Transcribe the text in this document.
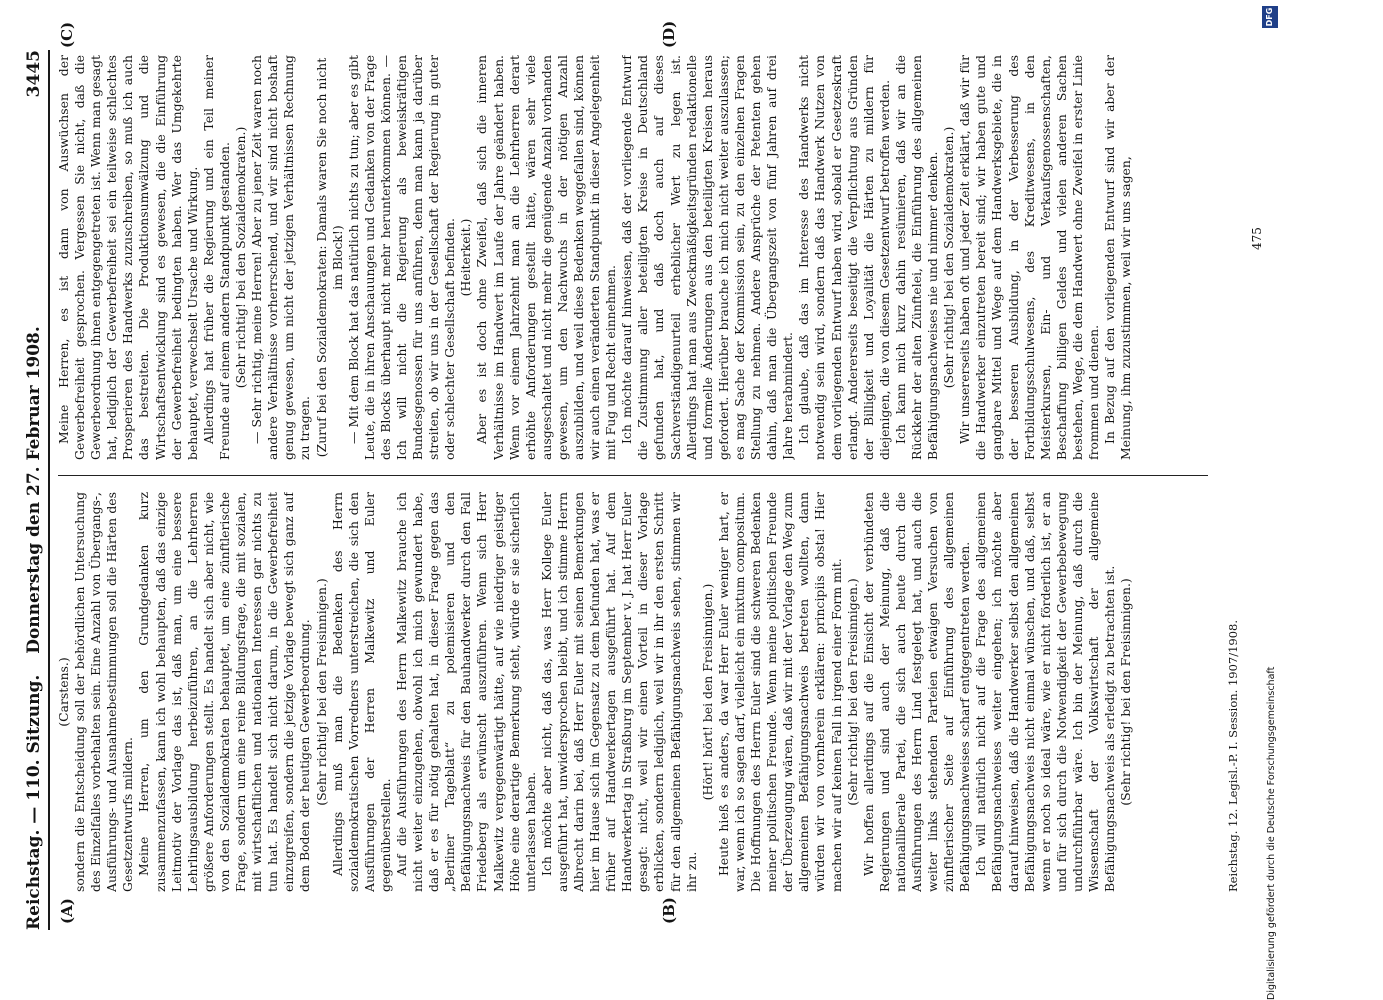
Reichstag. — 110. Sitzung.
Donnerstag den 27. Februar 1908.
3445
(A)	(B)
(C)	(D)

(Carstens.) sondern die Entscheidung soll der behördlichen Untersuchung des Einzelfalles vorbehalten sein. Eine Anzahl von Übergangs-, Ausführungs- und Ausnahmebestimmungen soll die Härten des Gesetzentwurfs mildern. Meine Herren, um den Grundgedanken kurz zusammenzufassen, kann ich wohl behaupten, daß das einzige Leitmotiv der Vorlage das ist, daß man, um eine bessere Lehrlingsausbildung herbeizuführen, an die Lehrherren größere Anforderungen stellt. Es handelt sich aber nicht, wie von den Sozialdemokraten behauptet, um eine zünftlerische Frage, sondern um eine reine Bildungsfrage, die mit sozialen, mit wirtschaftlichen und nationalen Interessen gar nichts zu tun hat. Es handelt sich nicht darum, in die Gewerbefreiheit einzugreifen, sondern die jetzige Vorlage bewegt sich ganz auf dem Boden der heutigen Gewerbeordnung. (Sehr richtig! bei den Freisinnigen.) Allerdings muß man die Bedenken des Herrn sozialdemokratischen Vorredners unterstreichen, die sich den Ausführungen der Herren Malkewitz und Euler gegenüberstellen. Auf die Ausführungen des Herrn Malkewitz brauche ich nicht weiter einzugehen, obwohl ich mich gewundert habe, daß er es für nötig gehalten hat, in dieser Frage gegen das „Berliner Tageblatt“ zu polemisieren und den Befähigungsnachweis für den Bauhandwerker durch den Fall Friedeberg als erwünscht auszuführen. Wenn sich Herr Malkewitz vergegenwärtigt hätte, auf wie niedriger geistiger Höhe eine derartige Bemerkung steht, würde er sie sicherlich unterlassen haben. Ich möchte aber nicht, daß das, was Herr Kollege Euler ausgeführt hat, unwidersprochen bleibt, und ich stimme Herrn Albrecht darin bei, daß Herr Euler mit seinen Bemerkungen hier im Hause sich im Gegensatz zu dem befunden hat, was er früher auf Handwerkertagen ausgeführt hat. Auf dem Handwerkertag in Straßburg im September v. J. hat Herr Euler gesagt: nicht, weil wir einen Vorteil in dieser Vorlage erblicken, sondern lediglich, weil wir in ihr den ersten Schritt für den allgemeinen Befähigungsnachweis sehen, stimmen wir ihr zu.

(Hört! hört! bei den Freisinnigen.) Heute hieß es anders, da war Herr Euler weniger hart, er war, wenn ich so sagen darf, vielleicht ein mixtum compositum. Die Hoffnungen des Herrn Euler sind die schweren Bedenken meiner politischen Freunde. Wenn meine politischen Freunde der Überzeugung wären, daß wir mit der Vorlage den Weg zum allgemeinen Befähigungsnachweis betreten wollten, dann würden wir von vornherein erklären: principiis obsta! Hier machen wir auf keinen Fall in irgend einer Form mit. (Sehr richtig! bei den Freisinnigen.) Wir hoffen allerdings auf die Einsicht der verbündeten Regierungen und sind auch der Meinung, daß die nationalliberale Partei, die sich auch heute durch die Ausführungen des Herrn Lind festgelegt hat, und auch die weiter links stehenden Parteien etwaigen Versuchen von zünftlerischer Seite auf Einführung des allgemeinen Befähigungsnachweises scharf entgegentreten werden. Ich will natürlich nicht auf die Frage des allgemeinen Befähigungsnachweises weiter eingehen; ich möchte aber darauf hinweisen, daß die Handwerker selbst den allgemeinen Befähigungsnachweis nicht einmal wünschen, und daß, selbst wenn er noch so ideal wäre, wie er nicht förderlich ist, er an und für sich durch die Notwendigkeit der Gewerbebewegung undurchführbar wäre. Ich bin der Meinung, daß durch die Wissenschaft der Volkswirtschaft der allgemeine Befähigungsnachweis als erledigt zu betrachten ist. (Sehr richtig! bei den Freisinnigen.)

Meine Herren, es ist dann von Auswüchsen der Gewerbefreiheit gesprochen. Vergessen Sie nicht, daß die Gewerbeordnung ihnen entgegengetreten ist. Wenn man gesagt hat, lediglich der Gewerbefreiheit sei ein teilweise schlechtes Prosperieren des Handwerks zuzuschreiben, so muß ich auch das bestreiten. Die Produktionsumwälzung und die Wirtschaftsentwicklung sind es gewesen, die die Einführung der Gewerbefreiheit bedingten haben. Wer das Umgekehrte behauptet, verwechselt Ursache und Wirkung. Allerdings hat früher die Regierung und ein Teil meiner Freunde auf einem andern Standpunkt gestanden. (Sehr richtig! bei den Sozialdemokraten.) — Sehr richtig, meine Herren! Aber zu jener Zeit waren noch andere Verhältnisse vorherrschend, und wir sind nicht boshaft genug gewesen, um nicht der jetzigen Verhältnissen Rechnung zu tragen. (Zuruf bei den Sozialdemokraten: Damals waren Sie noch nicht im Block!) — Mit dem Block hat das natürlich nichts zu tun; aber es gibt Leute, die in ihren Anschauungen und Gedanken von der Frage des Blocks überhaupt nicht mehr herunterkommen können. — Ich will nicht die Regierung als beweiskräftigen Bundesgenossen für uns anführen, denn man kann ja darüber streiten, ob wir uns in der Gesellschaft der Regierung in guter oder schlechter Gesellschaft befinden. (Heiterkeit.) Aber es ist doch ohne Zweifel, daß sich die inneren Verhältnisse im Handwert im Laufe der Jahre geändert haben. Wenn vor einem Jahrzehnt man an die Lehrherren derart erhöhte Anforderungen gestellt hätte, wären sehr viele ausgeschaltet und nicht mehr die genügende Anzahl vorhanden gewesen, um den Nachwuchs in der nötigen Anzahl auszubilden, und weil diese Bedenken weggefallen sind, können wir auch einen veränderten Standpunkt in dieser Angelegenheit mit Fug und Recht einnehmen. Ich möchte darauf hinweisen, daß der vorliegende Entwurf die Zustimmung aller beteiligten Kreise in Deutschland gefunden hat, und daß doch auch auf dieses Sachverständigenurteil erheblicher Wert zu legen ist. Allerdings hat man aus Zweckmäßigkeitsgründen redaktionelle und formelle Änderungen aus den beteiligten Kreisen heraus gefordert. Hierüber brauche ich mich nicht weiter auszulassen; es mag Sache der Kommission sein, zu den einzelnen Fragen Stellung zu nehmen. Andere Ansprüche der Petenten gehen dahin, daß man die Übergangszeit von fünf Jahren auf drei Jahre herabmindert. Ich glaube, daß das im Interesse des Handwerks nicht notwendig sein wird, sondern daß das Handwerk Nutzen von dem vorliegenden Entwurf haben wird, sobald er Gesetzeskraft erlangt. Andererseits beseitigt die Verpflichtung aus Gründen der Billigkeit und Loyalität die Härten zu mildern für diejenigen, die von diesem Gesetzentwurf betroffen werden. Ich kann mich kurz dahin resümieren, daß wir an die Rückkehr der alten Zünftelei, die Einführung des allgemeinen Befähigungsnachweises nie und nimmer denken. (Sehr richtig! bei den Sozialdemokraten.) Wir unsererseits haben oft und jeder Zeit erklärt, daß wir für die Handwerker einzutreten bereit sind; wir haben gute und gangbare Mittel und Wege auf dem Handwerksgebiete, die in der besseren Ausbildung, in der Verbesserung des Fortbildungsschulwesens, des Kreditwesens, in den Meisterkursen, Ein- und Verkaufsgenossenschaften, Beschaffung billigen Geldes und vielen anderen Sachen bestehen, Wege, die dem Handwert ohne Zweifel in erster Linie frommen und dienen. In Bezug auf den vorliegenden Entwurf sind wir aber der Meinung, ihm zuzustimmen, weil wir uns sagen,

Reichstag. 12. Legisl.-P. I. Session. 1907/1908.
475
Digitalisierung gefördert durch die Deutsche Forschungsgemeinschaft
DFG
